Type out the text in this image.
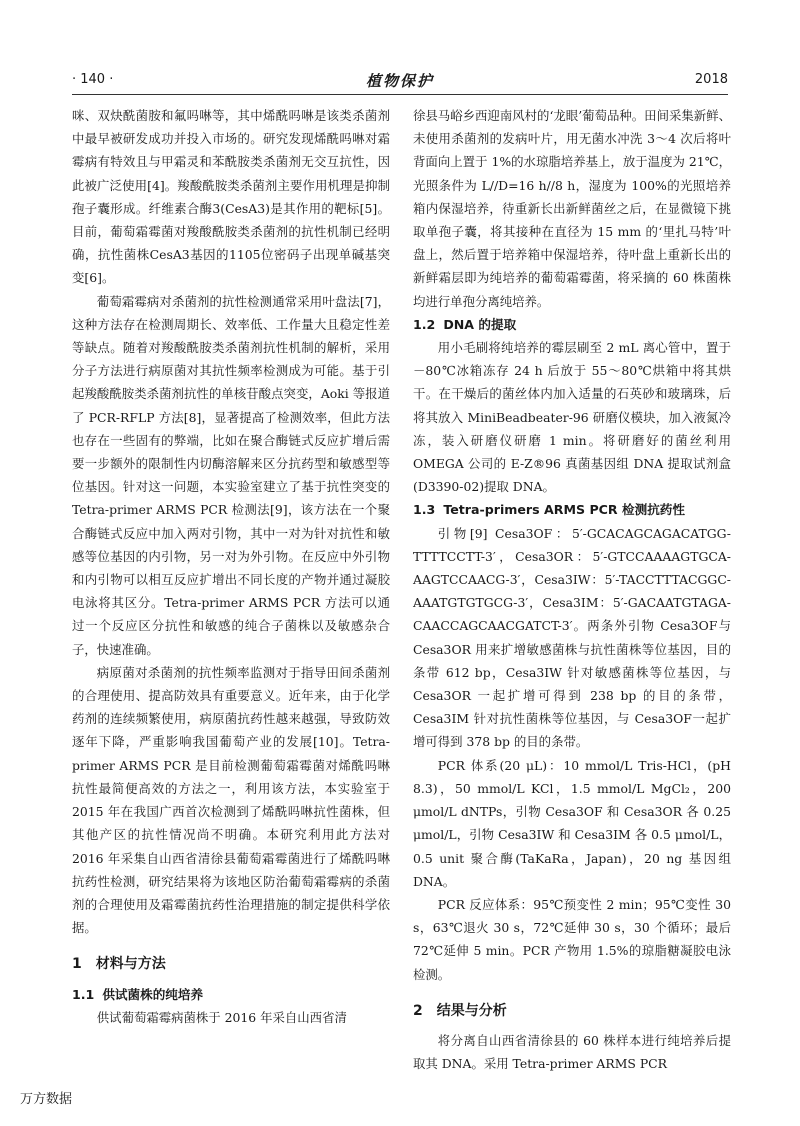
· 140 ·	植物保护	2018

咪、双炔酰菌胺和氟吗啉等，其中烯酰吗啉是该类杀菌剂中最早被研发成功并投入市场的。研究发现烯酰吗啉对霜霉病有特效且与甲霜灵和苯酰胺类杀菌剂无交互抗性，因此被广泛使用[4]。羧酸酰胺类杀菌剂主要作用机理是抑制孢子囊形成。纤维素合酶3(CesA3)是其作用的靶标[5]。目前，葡萄霜霉菌对羧酸酰胺类杀菌剂的抗性机制已经明确，抗性菌株CesA3基因的1105位密码子出现单碱基突变[6]。

葡萄霜霉病对杀菌剂的抗性检测通常采用叶盘法[7]，这种方法存在检测周期长、效率低、工作量大且稳定性差等缺点。随着对羧酸酰胺类杀菌剂抗性机制的解析，采用分子方法进行病原菌对其抗性频率检测成为可能。基于引起羧酸酰胺类杀菌剂抗性的单核苷酸点突变，Aoki 等报道了 PCR-RFLP 方法[8]，显著提高了检测效率，但此方法也存在一些固有的弊端，比如在聚合酶链式反应扩增后需要一步额外的限制性内切酶溶解来区分抗药型和敏感型等位基因。针对这一问题，本实验室建立了基于抗性突变的 Tetra-primer ARMS PCR 检测法[9]，该方法在一个聚合酶链式反应中加入两对引物，其中一对为针对抗性和敏感等位基因的内引物，另一对为外引物。在反应中外引物和内引物可以相互反应扩增出不同长度的产物并通过凝胶电泳将其区分。Tetra-primer ARMS PCR 方法可以通过一个反应区分抗性和敏感的纯合子菌株以及敏感杂合子，快速准确。

病原菌对杀菌剂的抗性频率监测对于指导田间杀菌剂的合理使用、提高防效具有重要意义。近年来，由于化学药剂的连续频繁使用，病原菌抗药性越来越强，导致防效逐年下降，严重影响我国葡萄产业的发展[10]。Tetra-primer ARMS PCR 是目前检测葡萄霜霉菌对烯酰吗啉抗性最简便高效的方法之一，利用该方法，本实验室于 2015 年在我国广西首次检测到了烯酰吗啉抗性菌株，但其他产区的抗性情况尚不明确。本研究利用此方法对 2016 年采集自山西省清徐县葡萄霜霉菌进行了烯酰吗啉抗药性检测，研究结果将为该地区防治葡萄霜霉病的杀菌剂的合理使用及霜霉菌抗药性治理措施的制定提供科学依据。

1 材料与方法
1.1 供试菌株的纯培养

供试葡萄霜霉病菌株于 2016 年采自山西省清

徐县马峪乡西迎南风村的‘龙眼’葡萄品种。田间采集新鲜、未使用杀菌剂的发病叶片，用无菌水冲洗 3～4 次后将叶背面向上置于 1%的水琼脂培养基上，放于温度为 21℃，光照条件为 L//D=16 h//8 h，湿度为 100%的光照培养箱内保湿培养，待重新长出新鲜菌丝之后，在显微镜下挑取单孢子囊，将其接种在直径为 15 mm 的‘里扎马特’叶盘上，然后置于培养箱中保湿培养，待叶盘上重新长出的新鲜霜层即为纯培养的葡萄霜霉菌，将采摘的 60 株菌株均进行单孢分离纯培养。

1.2 DNA 的提取

用小毛刷将纯培养的霉层刷至 2 mL 离心管中，置于－80℃冰箱冻存 24 h 后放于 55～80℃烘箱中将其烘干。在干燥后的菌丝体内加入适量的石英砂和玻璃珠，后将其放入 MiniBeadbeater-96 研磨仪模块，加入液氮冷冻，装入研磨仪研磨 1 min。将研磨好的菌丝利用 OMEGA 公司的 E-Z®96 真菌基因组 DNA 提取试剂盒(D3390-02)提取 DNA。

1.3 Tetra-primers ARMS PCR 检测抗药性

引物[9] Cesa3OF：5′-GCACAGCAGACATGG-TTTTCCTT-3′，Cesa3OR：5′-GTCCAAAAGTGCA-AAGTCCAACG-3′，Cesa3IW：5′-TACCTTTACGGC-AAATGTGTGCG-3′，Cesa3IM：5′-GACAATGTAGA-CAACCAGCAACGATCT-3′。两条外引物 Cesa3OF与 Cesa3OR 用来扩增敏感菌株与抗性菌株等位基因，目的条带 612 bp，Cesa3IW 针对敏感菌株等位基因，与 Cesa3OR 一起扩增可得到 238 bp 的目的条带，Cesa3IM 针对抗性菌株等位基因，与 Cesa3OF一起扩增可得到 378 bp 的目的条带。

PCR 体系(20 μL)：10 mmol/L Tris-HCl，(pH 8.3)，50 mmol/L KCl，1.5 mmol/L MgCl₂，200 μmol/L dNTPs，引物 Cesa3OF 和 Cesa3OR 各 0.25 μmol/L，引物 Cesa3IW 和 Cesa3IM 各 0.5 μmol/L，0.5 unit 聚合酶(TaKaRa，Japan)，20 ng 基因组 DNA。

PCR 反应体系：95℃预变性 2 min；95℃变性 30 s，63℃退火 30 s，72℃延伸 30 s，30 个循环；最后 72℃延伸 5 min。PCR 产物用 1.5%的琼脂糖凝胶电泳检测。

2 结果与分析

将分离自山西省清徐县的 60 株样本进行纯培养后提取其 DNA。采用 Tetra-primer ARMS PCR

万方数据
